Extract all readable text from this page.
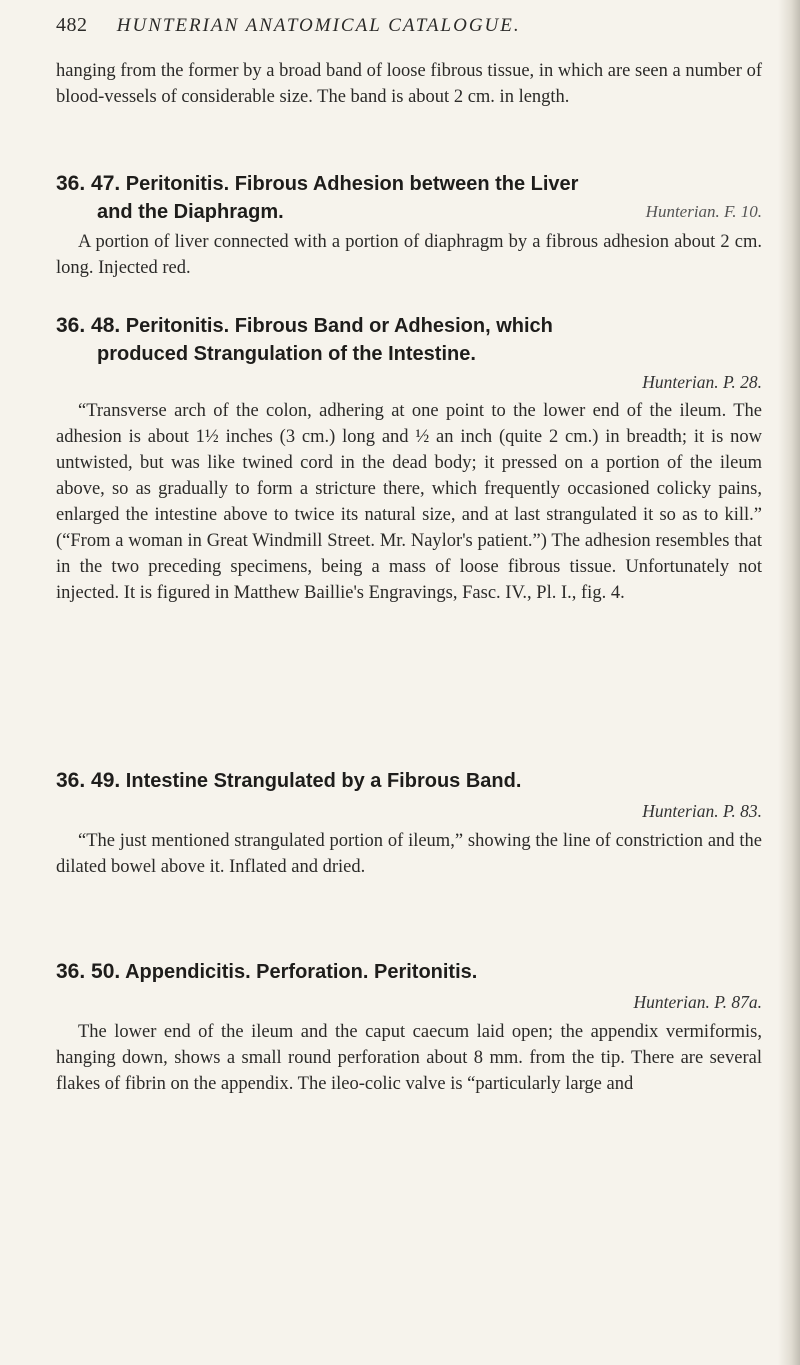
482 HUNTERIAN ANATOMICAL CATALOGUE.

hanging from the former by a broad band of loose fibrous tissue, in which are seen a number of blood-vessels of considerable size. The band is about 2 cm. in length.

36. 47. Peritonitis. Fibrous Adhesion between the Liver
and the Diaphragm.	Hunterian. F. 10.

A portion of liver connected with a portion of diaphragm by a fibrous adhesion about 2 cm. long. Injected red.

36. 48. Peritonitis. Fibrous Band or Adhesion, which
produced Strangulation of the Intestine.
Hunterian. P. 28.

“Transverse arch of the colon, adhering at one point to the lower end of the ileum. The adhesion is about 1½ inches (3 cm.) long and ½ an inch (quite 2 cm.) in breadth; it is now untwisted, but was like twined cord in the dead body; it pressed on a portion of the ileum above, so as gradually to form a stricture there, which frequently occasioned colicky pains, enlarged the intestine above to twice its natural size, and at last strangulated it so as to kill.” (“From a woman in Great Windmill Street. Mr. Naylor's patient.”) The adhesion resembles that in the two preceding specimens, being a mass of loose fibrous tissue. Unfortunately not injected. It is figured in Matthew Baillie's Engravings, Fasc. IV., Pl. I., fig. 4.

36. 49. Intestine Strangulated by a Fibrous Band.
Hunterian. P. 83.

“The just mentioned strangulated portion of ileum,” showing the line of constriction and the dilated bowel above it. Inflated and dried.

36. 50. Appendicitis. Perforation. Peritonitis.
Hunterian. P. 87a.

The lower end of the ileum and the caput caecum laid open; the appendix vermiformis, hanging down, shows a small round perforation about 8 mm. from the tip. There are several flakes of fibrin on the appendix. The ileo-colic valve is “particularly large and
